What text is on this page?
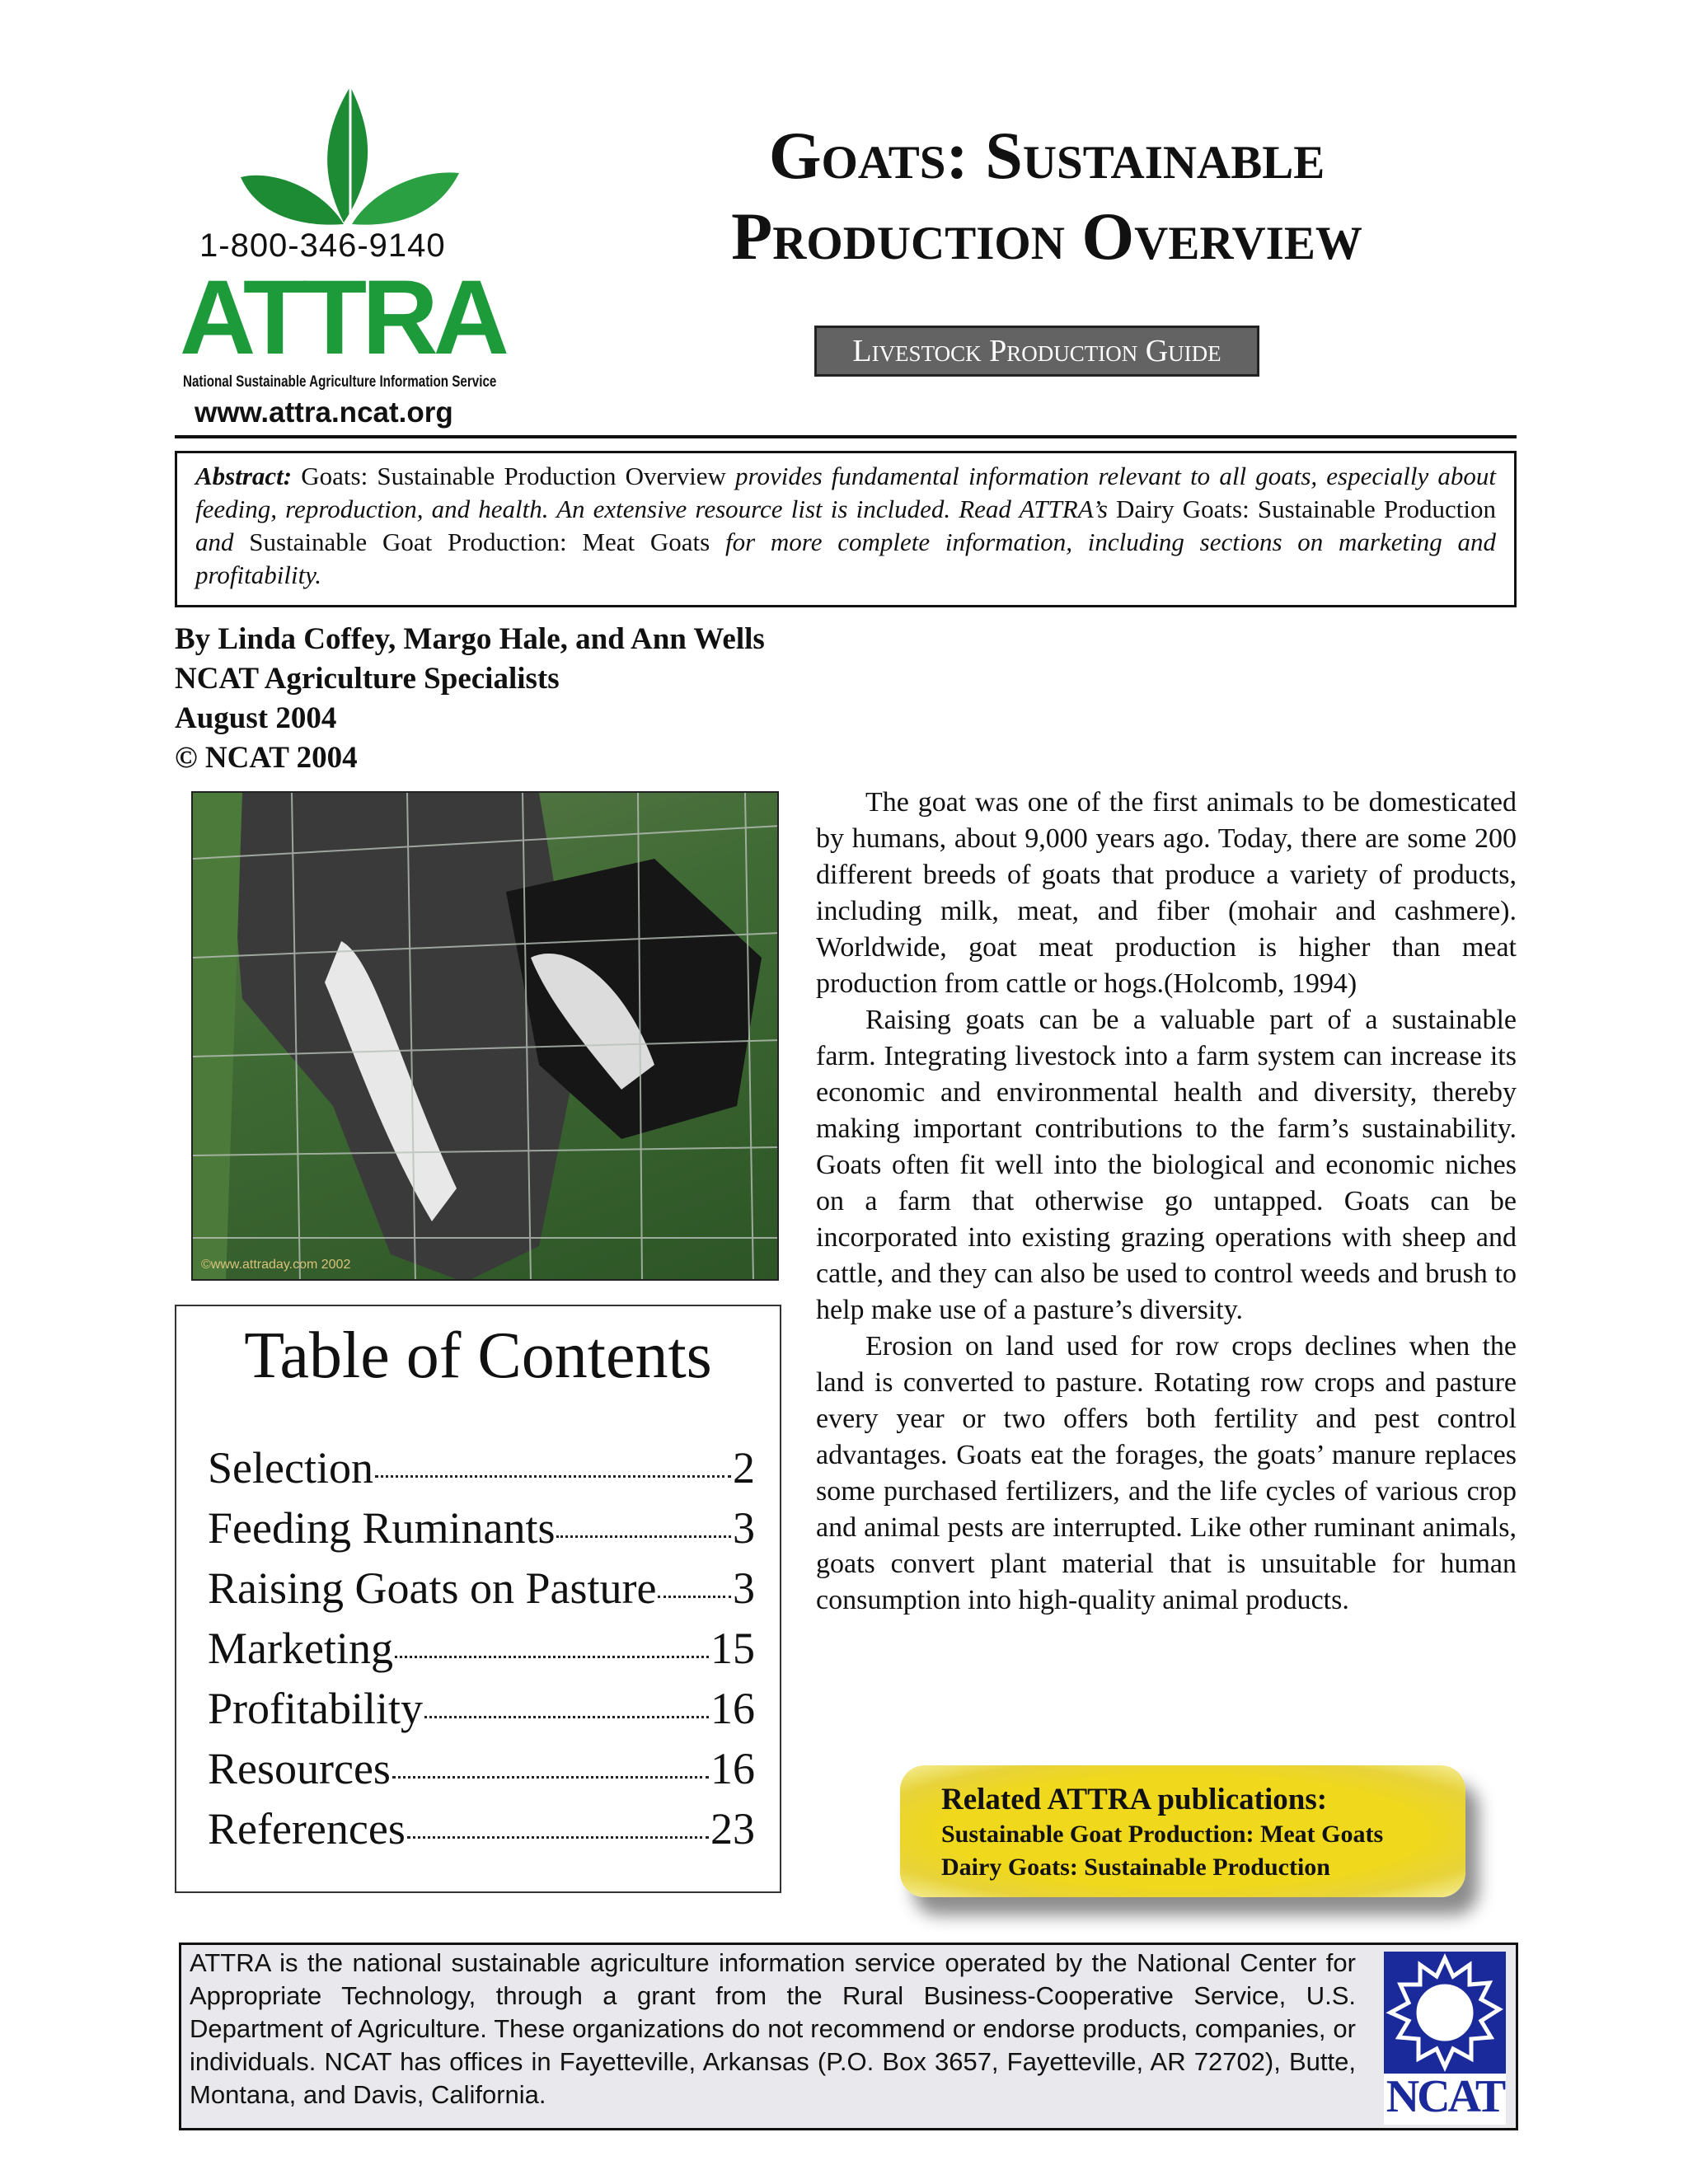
1-800-346-9140
ATTRA
National Sustainable Agriculture Information Service
www.attra.ncat.org
Goats: Sustainable
Production Overview
Livestock Production Guide
Abstract: Goats: Sustainable Production Overview provides fundamental information relevant to all goats, especially about feeding, reproduction, and health. An extensive resource list is included. Read ATTRA’s Dairy Goats: Sustainable Production and Sustainable Goat Production: Meat Goats for more complete information, including sections on marketing and profitability.
By Linda Coffey, Margo Hale, and Ann Wells
NCAT Agriculture Specialists
August 2004
© NCAT 2004
©www.attraday.com 2002
Table of Contents
Selection	2
Feeding Ruminants	3
Raising Goats on Pasture 3
Marketing	15
Profitability	16
Resources	16
References	23

The goat was one of the first animals to be domesticated by humans, about 9,000 years ago. Today, there are some 200 different breeds of goats that produce a variety of products, including milk, meat, and fiber (mohair and cashmere). Worldwide, goat meat production is higher than meat production from cattle or hogs.(Holcomb, 1994)

Raising goats can be a valuable part of a sustainable farm. Integrating livestock into a farm system can increase its economic and environmental health and diversity, thereby making important contributions to the farm’s sustainability. Goats often fit well into the biological and economic niches on a farm that otherwise go untapped. Goats can be incorporated into existing grazing operations with sheep and cattle, and they can also be used to control weeds and brush to help make use of a pasture’s diversity.

Erosion on land used for row crops declines when the land is converted to pasture. Rotating row crops and pasture every year or two offers both fertility and pest control advantages. Goats eat the forages, the goats’ manure replaces some purchased fertilizers, and the life cycles of various crop and animal pests are interrupted. Like other ruminant animals, goats convert plant material that is unsuitable for human consumption into high-quality animal products.

Related ATTRA publications:
Sustainable Goat Production: Meat Goats
Dairy Goats: Sustainable Production
ATTRA is the national sustainable agriculture information service operated by the National Center for Appropriate Technology, through a grant from the Rural Business-Cooperative Service, U.S. Department of Agriculture. These organizations do not recommend or endorse products, companies, or individuals. NCAT has offices in Fayetteville, Arkansas (P.O. Box 3657, Fayetteville, AR 72702), Butte, Montana, and Davis, California.	NCAT
